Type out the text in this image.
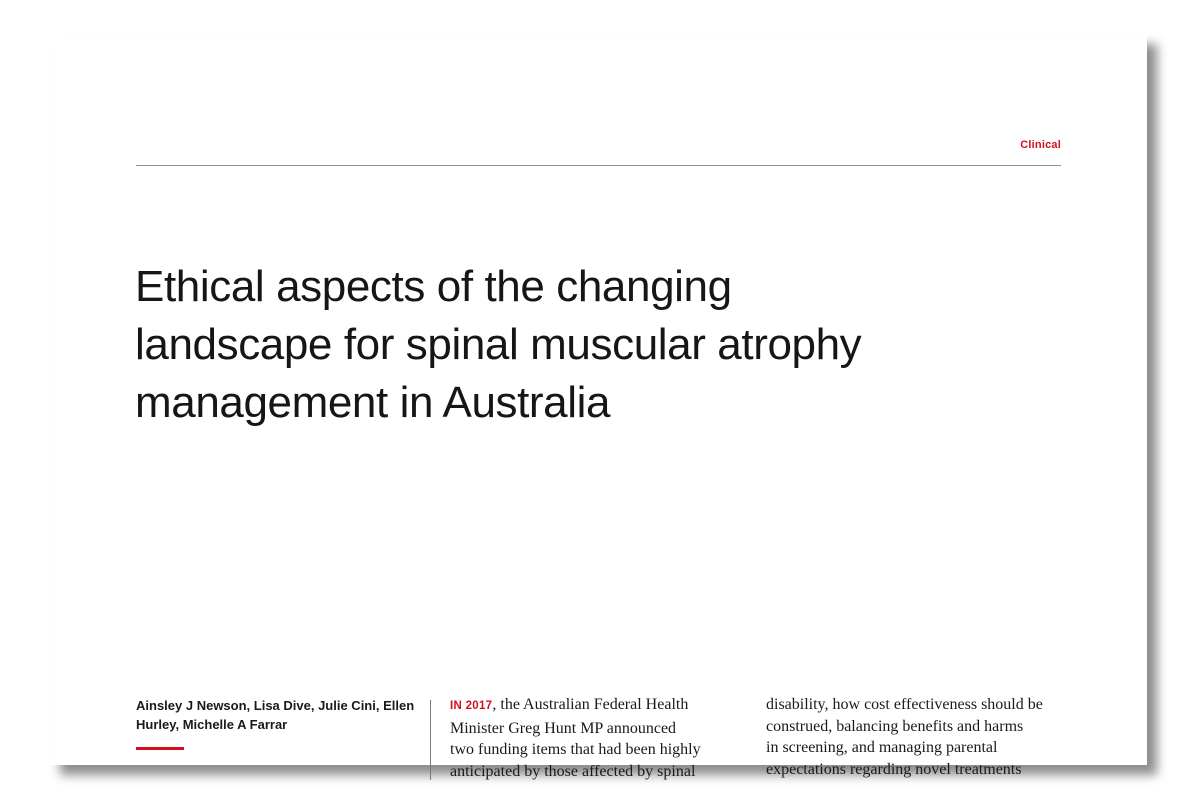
Clinical
Ethical aspects of the changing landscape for spinal muscular atrophy management in Australia
Ainsley J Newson, Lisa Dive, Julie Cini, Ellen Hurley, Michelle A Farrar
IN 2017, the Australian Federal Health
Minister Greg Hunt MP announced
two funding items that had been highly
anticipated by those affected by spinal
disability, how cost effectiveness should be
construed, balancing benefits and harms
in screening, and managing parental
expectations regarding novel treatments
